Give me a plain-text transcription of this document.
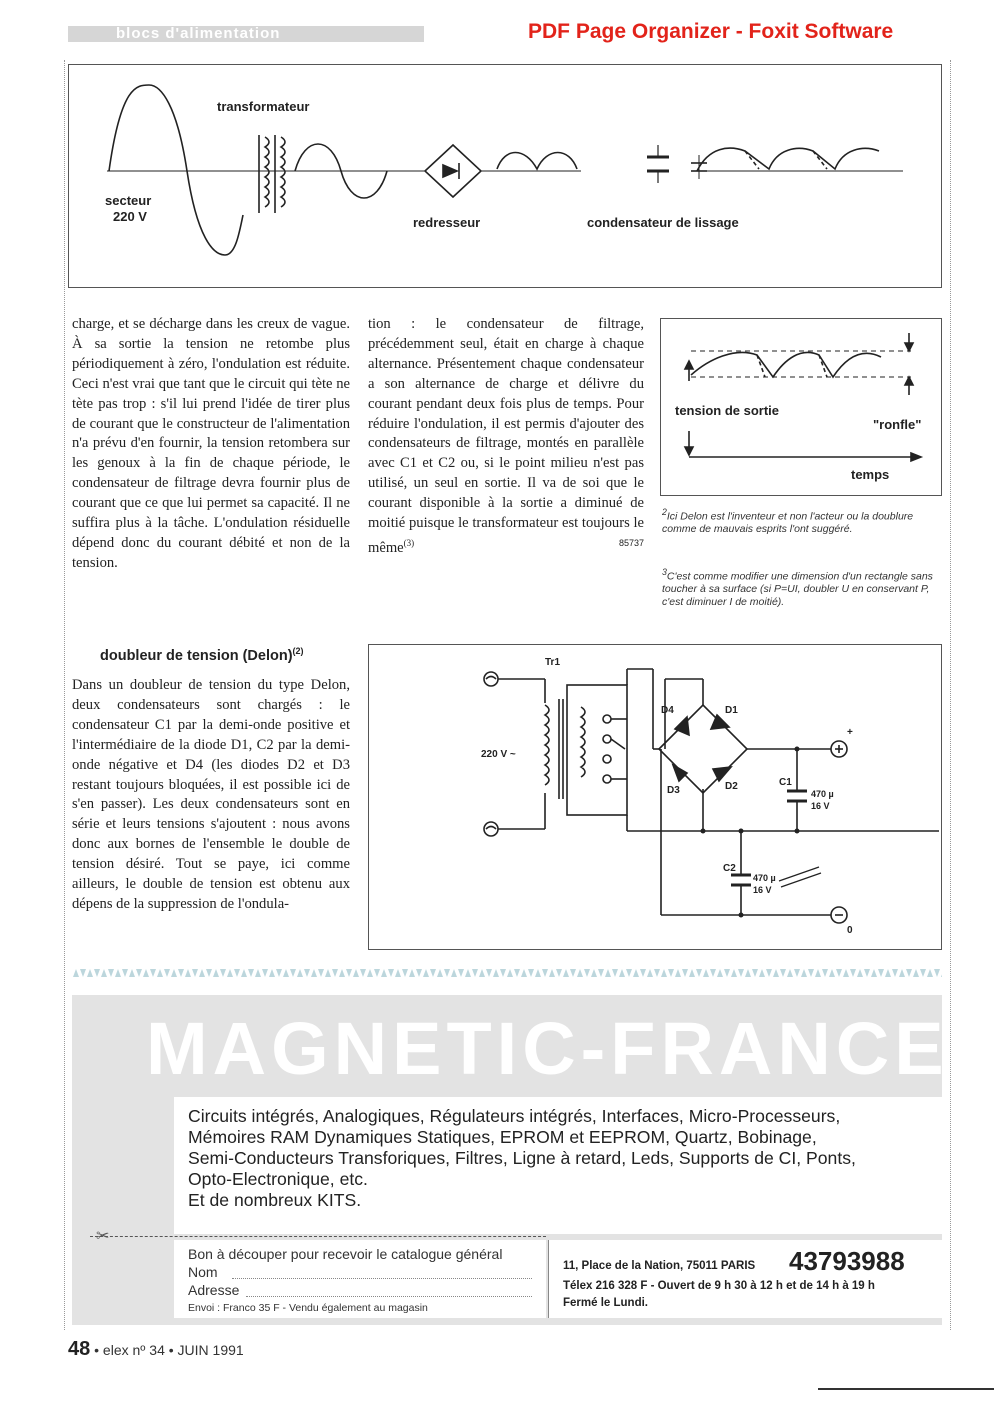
blocs d'alimentation	PDF Page Organizer - Foxit Software
transformateur
secteur
220 V	redresseur	condensateur de lissage

charge, et se décharge dans les creux de vague. À sa sortie la tension ne retombe plus périodiquement à zéro, l'ondulation est réduite. Ceci n'est vrai que tant que le circuit qui tète ne tète pas trop : s'il lui prend l'idée de tirer plus de courant que le constructeur de l'alimentation n'a prévu d'en fournir, la tension retombera sur les genoux à la fin de chaque période, le condensateur de filtrage devra fournir plus de courant que ce que lui permet sa capacité. Il ne suffira plus à la tâche. L'ondulation résiduelle dépend donc du courant débité et non de la tension.

tion : le condensateur de filtrage, précédemment seul, était en charge à chaque alternance. Présentement chaque condensateur a son alternance de charge et délivre du courant pendant deux fois plus de temps. Pour réduire l'ondulation, il est permis d'ajouter des condensateurs de filtrage, montés en parallèle avec C1 et C2 ou, si le point milieu n'est pas utilisé, un seul en sortie. Il va de soi que le courant disponible à la sortie a diminué de moitié puisque le transformateur est toujours le même$^{(3)}$	85737

tension de sortie
"ronfle"
temps
$^2$Ici Delon est l'inventeur et non l'acteur ou la doublure comme de mauvais esprits l'ont suggéré.
$^3$C'est comme modifier une dimension d'un rectangle sans toucher à sa surface (si P=UI, doubler U en conservant P, c'est diminuer I de moitié).
doubleur de tension (Delon)$^{(2)}$

Dans un doubleur de tension du type Delon, deux condensateurs sont chargés : le condensateur C1 par la demi-onde positive et l'intermédiaire de la diode D1, C2 par la demi-onde négative et D4 (les diodes D2 et D3 restant toujours bloquées, il est possible ici de s'en passer). Les deux condensateurs sont en série et leurs tensions s'ajoutent : nous avons donc aux bornes de l'ensemble le double de tension désiré. Tout se paye, ici comme ailleurs, le double de tension est obtenu aux dépens de la suppression de l'ondula-

Tr1
220 V ~
D1
D2
D3
D4
C1
470 µ
16 V
C2
470 µ
16 V
+
0
MAGNETIC-FRANCE
Circuits intégrés, Analogiques, Régulateurs intégrés, Interfaces, Micro-Processeurs,
Mémoires RAM Dynamiques Statiques, EPROM et EEPROM, Quartz, Bobinage,
Semi-Conducteurs Transforiques, Filtres, Ligne à retard, Leds, Supports de CI, Ponts,
Opto-Electronique, etc.
Et de nombreux KITS.
✂
Bon à découper pour recevoir le catalogue général
Nom
Adresse
Envoi : Franco 35 F - Vendu également au magasin
11, Place de la Nation, 75011 PARIS 43793988
Télex 216 328 F - Ouvert de 9 h 30 à 12 h et de 14 h à 19 h
Fermé le Lundi.
48 • elex nº 34 • JUIN 1991
